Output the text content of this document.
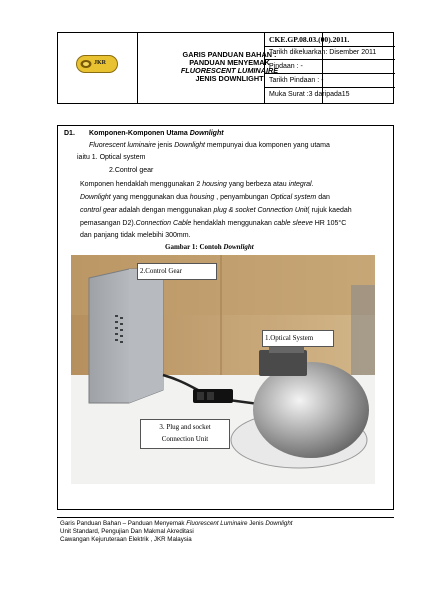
JKR
GARIS PANDUAN BAHAN :
PANDUAN MENYEMAK
FLUORESCENT LUMINAIRE
JENIS DOWNLIGHT
CKE.GP.08.03.(00).2011.
Tarikh dikeluarkan: Disember 2011
Pindaan : -
Tarikh Pindaan : -
Muka Surat :3 daripada15
D1. Komponen-Komponen Utama Downlight
Fluorescent luminaire jenis Downlight mempunyai dua komponen yang utama
iaitu 1. Optical system
2.Control gear
Komponen hendaklah menggunakan 2 housing yang berbeza atau integral.
Downlight yang menggunakan dua housing , penyambungan Optical system dan
control gear adalah dengan menggunakan plug & socket Connection Unit( rujuk kaedah
pemasangan D2).Connection Cable hendaklah menggunakan cable sleeve HR 105°C
dan panjang tidak melebihi 300mm.
Gambar 1: Contoh Downlight
2.Control Gear
1.Optical System
3. Plug and socket
Connection Unit
Garis Panduan Bahan – Panduan Menyemak Fluorescent Luminaire Jenis Downlight
Unit Standard, Pengujian Dan Makmal Akreditasi
Cawangan Kejuruteraan Elektrik , JKR Malaysia
